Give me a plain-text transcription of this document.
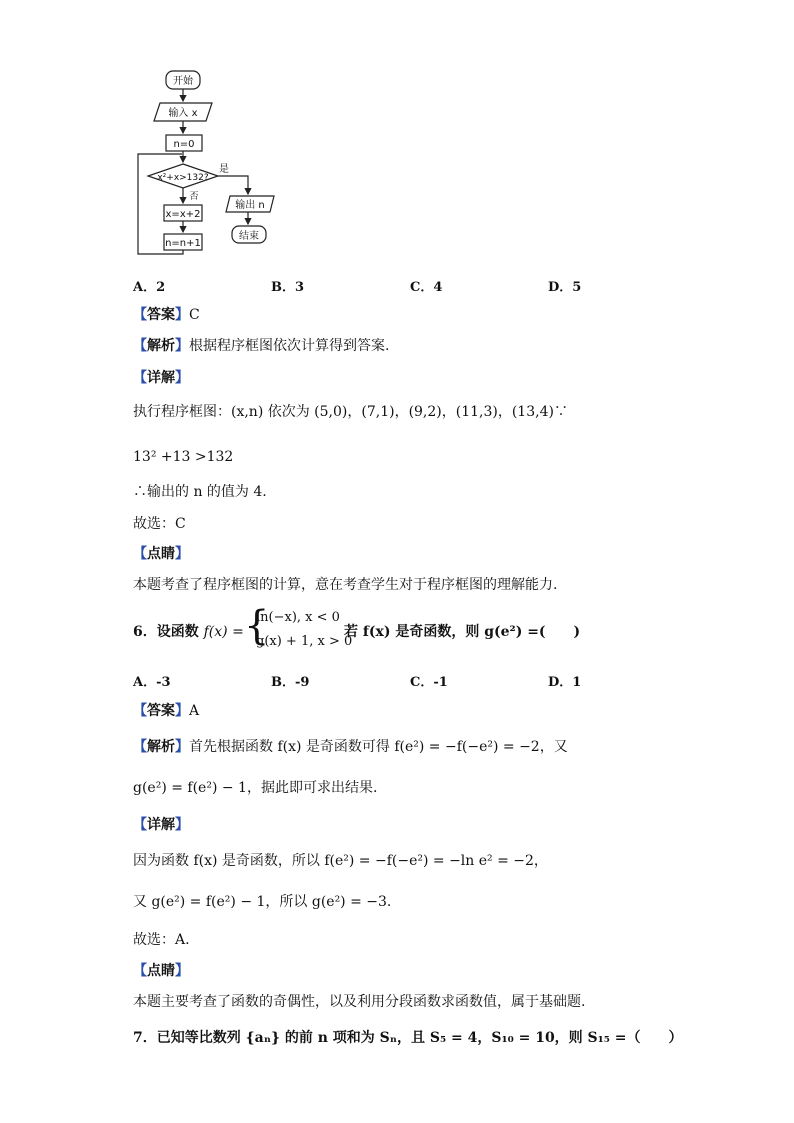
开始
输入 x
n=0
x²+x>132?
是
否
x=x+2
n=n+1
输出 n
结束
A．2	B．3	C．4	D．5
【答案】C
【解析】根据程序框图依次计算得到答案.
【详解】
执行程序框图：(x,n) 依次为 (5,0)，(7,1)，(9,2)，(11,3)，(13,4)∵
13² +13 >132
∴输出的 n 的值为 4.
故选：C
【点睛】
本题考查了程序框图的计算，意在考查学生对于程序框图的理解能力.
6．设函数 f(x) = {
ln(−x), x < 0
g(x) + 1, x > 0
若 f(x) 是奇函数，则 g(e²) =(　　)
A．-3	B．-9	C．-1	D．1
【答案】A
【解析】首先根据函数 f(x) 是奇函数可得 f(e²) = −f(−e²) = −2，又
g(e²) = f(e²) − 1，据此即可求出结果.
【详解】
因为函数 f(x) 是奇函数，所以 f(e²) = −f(−e²) = −ln e² = −2，
又 g(e²) = f(e²) − 1，所以 g(e²) = −3.
故选：A.
【点睛】
本题主要考查了函数的奇偶性，以及利用分段函数求函数值，属于基础题.
7．已知等比数列 {aₙ} 的前 n 项和为 Sₙ，且 S₅ = 4，S₁₀ = 10，则 S₁₅ =（　　）
